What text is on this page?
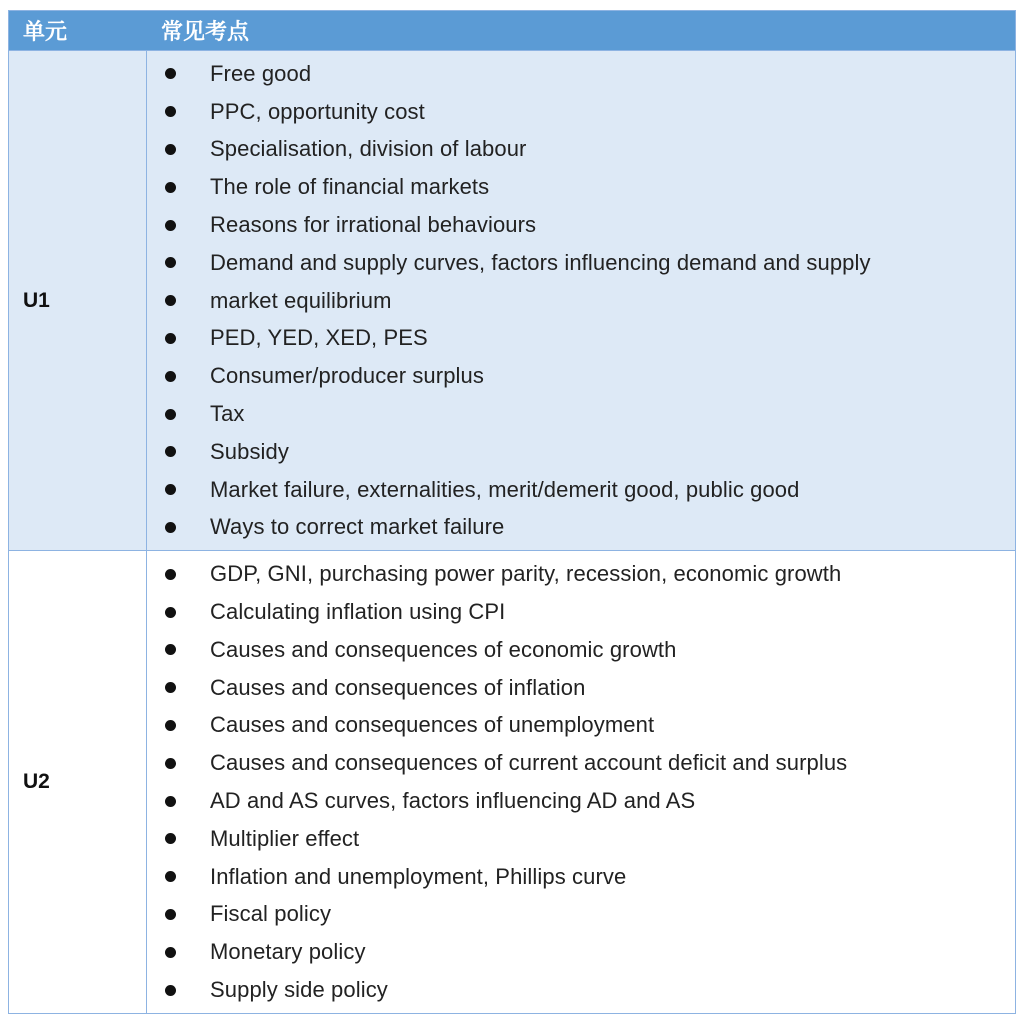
单元	常见考点
U1
Free good
PPC, opportunity cost
Specialisation, division of labour
The role of financial markets
Reasons for irrational behaviours
Demand and supply curves, factors influencing demand and supply
market equilibrium
PED, YED, XED, PES
Consumer/producer surplus
Tax
Subsidy
Market failure, externalities, merit/demerit good, public good
Ways to correct market failure
U2
GDP, GNI, purchasing power parity, recession, economic growth
Calculating inflation using CPI
Causes and consequences of economic growth
Causes and consequences of inflation
Causes and consequences of unemployment
Causes and consequences of current account deficit and surplus
AD and AS curves, factors influencing AD and AS
Multiplier effect
Inflation and unemployment, Phillips curve
Fiscal policy
Monetary policy
Supply side policy
